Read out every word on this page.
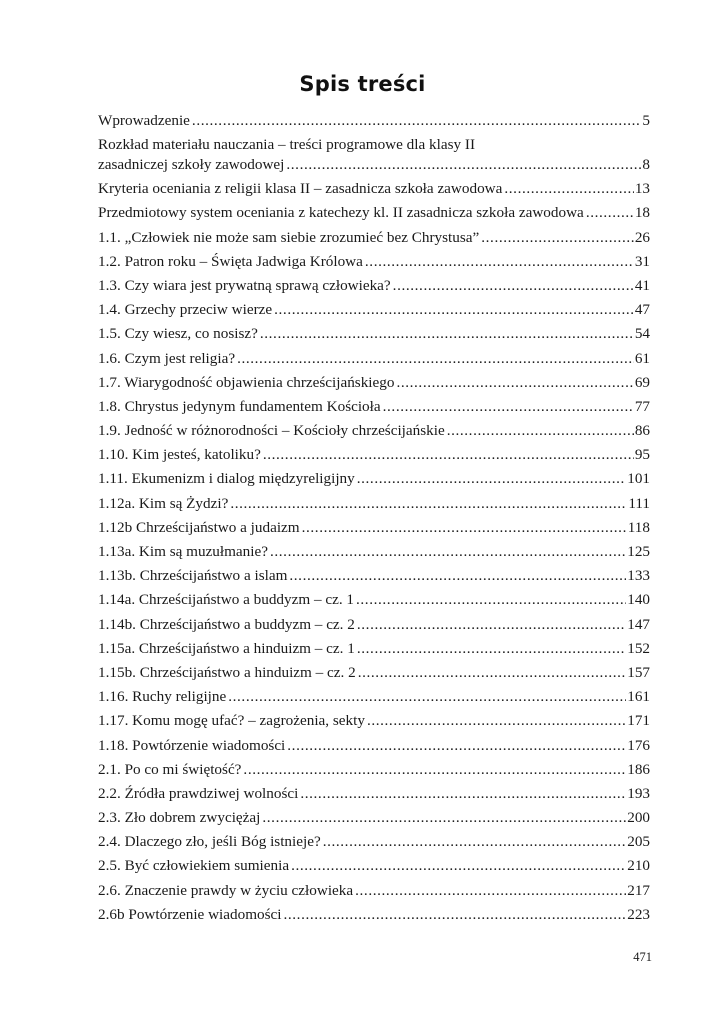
Spis treści
Wprowadzenie .....	5
Rozkład materiału nauczania – treści programowe dla klasy II
zasadniczej szkoły zawodowej .....	8
Kryteria oceniania z religii klasa II – zasadnicza szkoła zawodowa .....	13
Przedmiotowy system oceniania z katechezy kl. II zasadnicza szkoła zawodowa .....	18
1.1. „Człowiek nie może sam siebie zrozumieć bez Chrystusa” .....	26
1.2. Patron roku – Święta Jadwiga Królowa .....	31
1.3. Czy wiara jest prywatną sprawą człowieka? .....	41
1.4. Grzechy przeciw wierze .....	47
1.5. Czy wiesz, co nosisz? .....	54
1.6. Czym jest religia? .....	61
1.7. Wiarygodność objawienia chrześcijańskiego .....	69
1.8. Chrystus jedynym fundamentem Kościoła .....	77
1.9. Jedność w różnorodności – Kościoły chrześcijańskie .....	86
1.10. Kim jesteś, katoliku? .....	95
1.11. Ekumenizm i dialog międzyreligijny .....	101
1.12a. Kim są Żydzi? .....	111
1.12b Chrześcijaństwo a judaizm .....	118
1.13a. Kim są muzułmanie? .....	125
1.13b. Chrześcijaństwo a islam .....	133
1.14a. Chrześcijaństwo a buddyzm – cz. 1 .....	140
1.14b. Chrześcijaństwo a buddyzm – cz. 2 .....	147
1.15a. Chrześcijaństwo a hinduizm – cz. 1 .....	152
1.15b. Chrześcijaństwo a hinduizm – cz. 2 .....	157
1.16. Ruchy religijne .....	161
1.17. Komu mogę ufać? – zagrożenia, sekty .....	171
1.18. Powtórzenie wiadomości .....	176
2.1. Po co mi świętość? .....	186
2.2. Źródła prawdziwej wolności .....	193
2.3. Zło dobrem zwyciężaj .....	200
2.4. Dlaczego zło, jeśli Bóg istnieje? .....	205
2.5. Być człowiekiem sumienia .....	210
2.6. Znaczenie prawdy w życiu człowieka .....	217
2.6b Powtórzenie wiadomości .....	223
471
